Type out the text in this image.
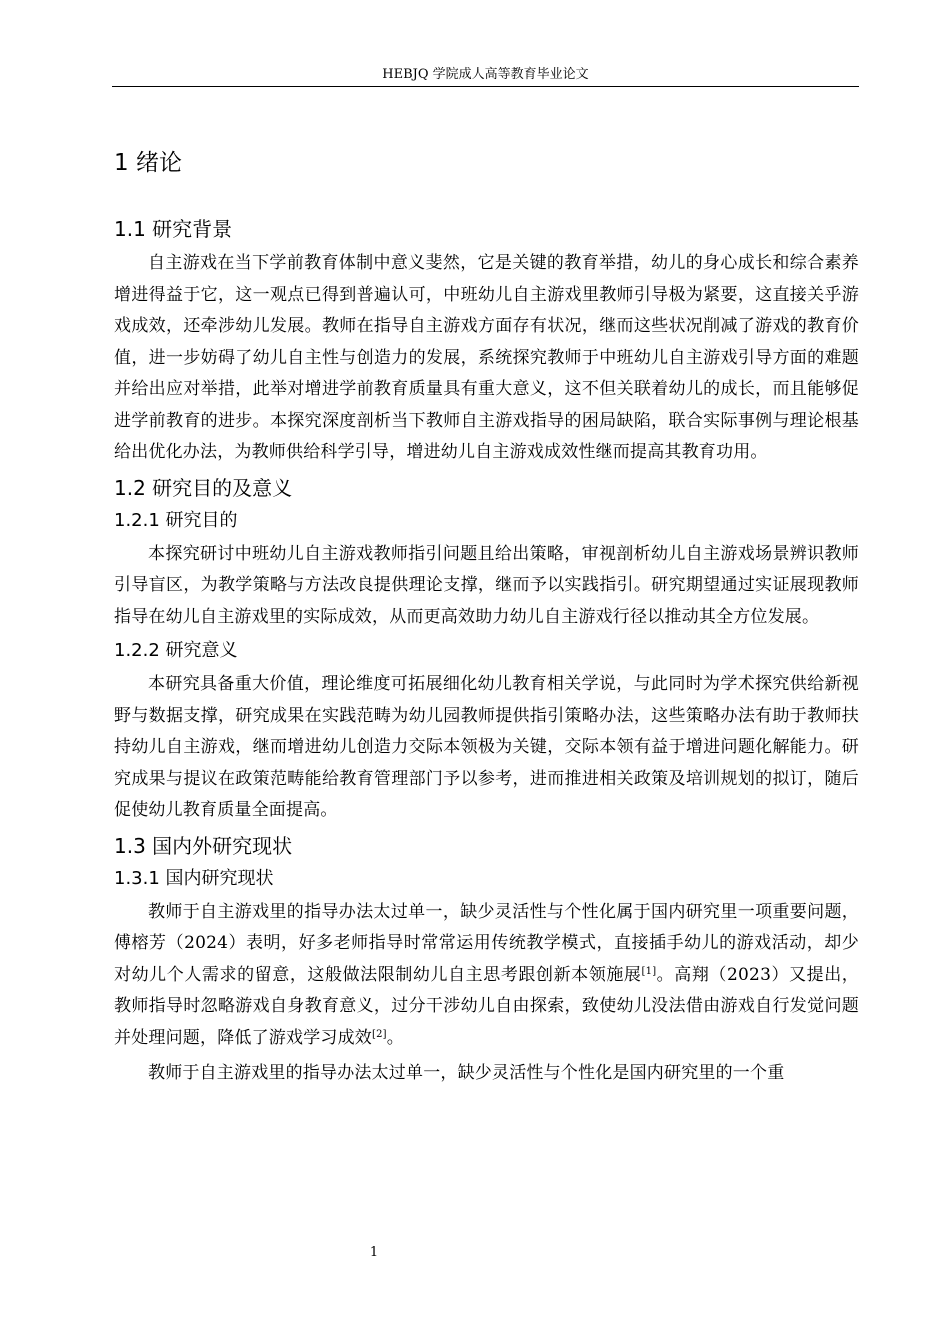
HEBJQ 学院成人高等教育毕业论文
1 绪论
1.1 研究背景

自主游戏在当下学前教育体制中意义斐然，它是关键的教育举措，幼儿的身心成长和综合素养增进得益于它，这一观点已得到普遍认可，中班幼儿自主游戏里教师引导极为紧要，这直接关乎游戏成效，还牵涉幼儿发展。教师在指导自主游戏方面存有状况，继而这些状况削减了游戏的教育价值，进一步妨碍了幼儿自主性与创造力的发展，系统探究教师于中班幼儿自主游戏引导方面的难题并给出应对举措，此举对增进学前教育质量具有重大意义，这不但关联着幼儿的成长，而且能够促进学前教育的进步。本探究深度剖析当下教师自主游戏指导的困局缺陷，联合实际事例与理论根基给出优化办法，为教师供给科学引导，增进幼儿自主游戏成效性继而提高其教育功用。

1.2 研究目的及意义
1.2.1 研究目的

本探究研讨中班幼儿自主游戏教师指引问题且给出策略，审视剖析幼儿自主游戏场景辨识教师引导盲区，为教学策略与方法改良提供理论支撑，继而予以实践指引。研究期望通过实证展现教师指导在幼儿自主游戏里的实际成效，从而更高效助力幼儿自主游戏行径以推动其全方位发展。

1.2.2 研究意义

本研究具备重大价值，理论维度可拓展细化幼儿教育相关学说，与此同时为学术探究供给新视野与数据支撑，研究成果在实践范畴为幼儿园教师提供指引策略办法，这些策略办法有助于教师扶持幼儿自主游戏，继而增进幼儿创造力交际本领极为关键，交际本领有益于增进问题化解能力。研究成果与提议在政策范畴能给教育管理部门予以参考，进而推进相关政策及培训规划的拟订，随后促使幼儿教育质量全面提高。

1.3 国内外研究现状
1.3.1 国内研究现状

教师于自主游戏里的指导办法太过单一，缺少灵活性与个性化属于国内研究里一项重要问题，傅榕芳（2024）表明，好多老师指导时常常运用传统教学模式，直接插手幼儿的游戏活动，却少对幼儿个人需求的留意，这般做法限制幼儿自主思考跟创新本领施展[1]。高翔（2023）又提出，教师指导时忽略游戏自身教育意义，过分干涉幼儿自由探索，致使幼儿没法借由游戏自行发觉问题并处理问题，降低了游戏学习成效[2]。

教师于自主游戏里的指导办法太过单一，缺少灵活性与个性化是国内研究里的一个重

1
